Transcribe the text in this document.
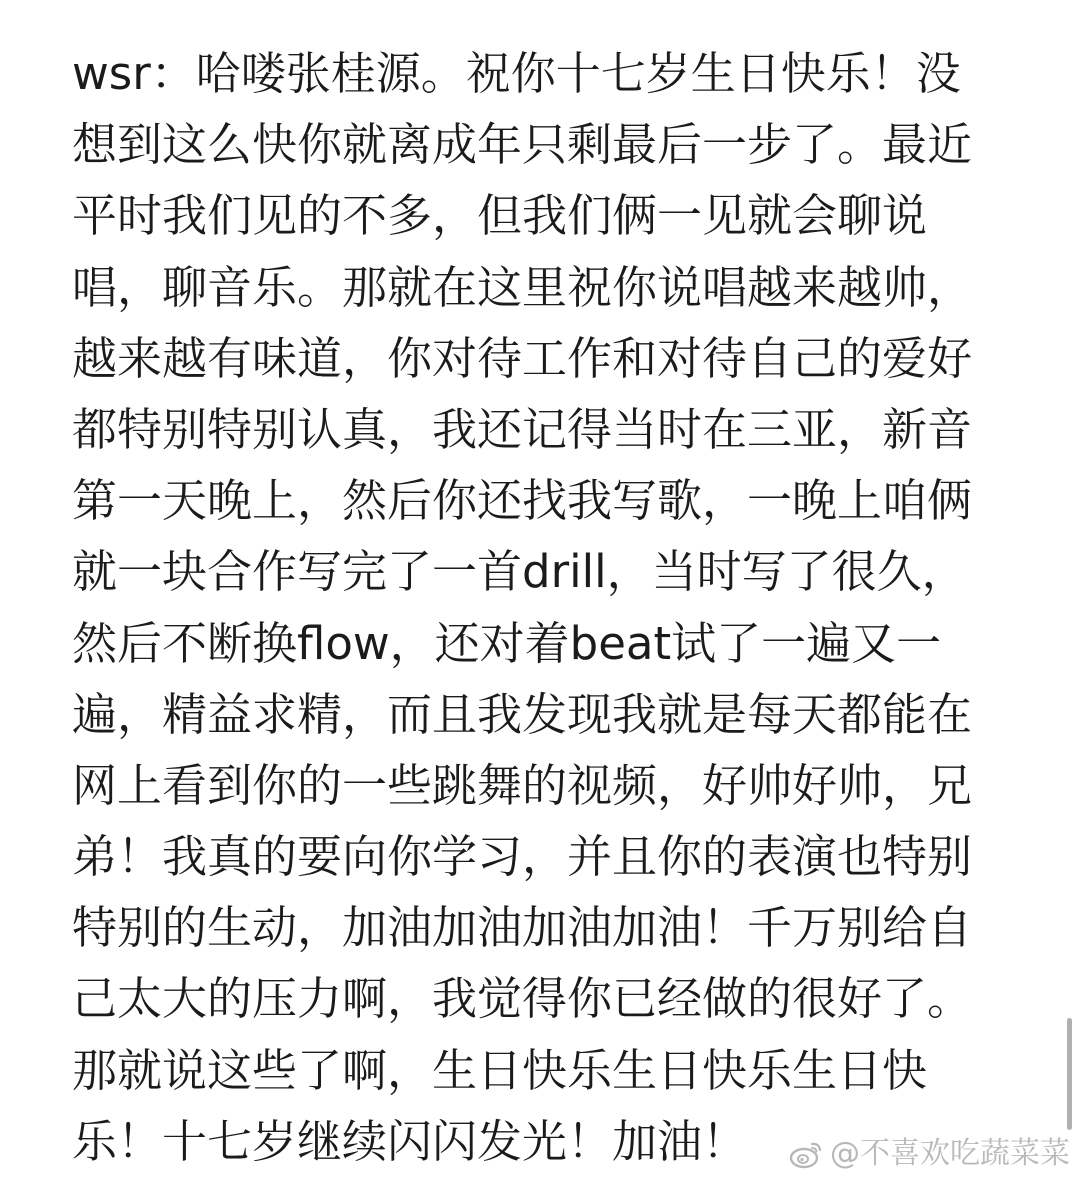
wsr：哈喽张桂源。祝你十七岁生日快乐！没
想到这么快你就离成年只剩最后一步了。最近
平时我们见的不多，但我们俩一见就会聊说
唱，聊音乐。那就在这里祝你说唱越来越帅，
越来越有味道，你对待工作和对待自己的爱好
都特别特别认真，我还记得当时在三亚，新音
第一天晚上，然后你还找我写歌，一晚上咱俩
就一块合作写完了一首drill，当时写了很久，
然后不断换flow，还对着beat试了一遍又一
遍，精益求精，而且我发现我就是每天都能在
网上看到你的一些跳舞的视频，好帅好帅，兄
弟！我真的要向你学习，并且你的表演也特别
特别的生动，加油加油加油加油！千万别给自
己太大的压力啊，我觉得你已经做的很好了。
那就说这些了啊，生日快乐生日快乐生日快
乐！十七岁继续闪闪发光！加油！	@不喜欢吃蔬菜菜
